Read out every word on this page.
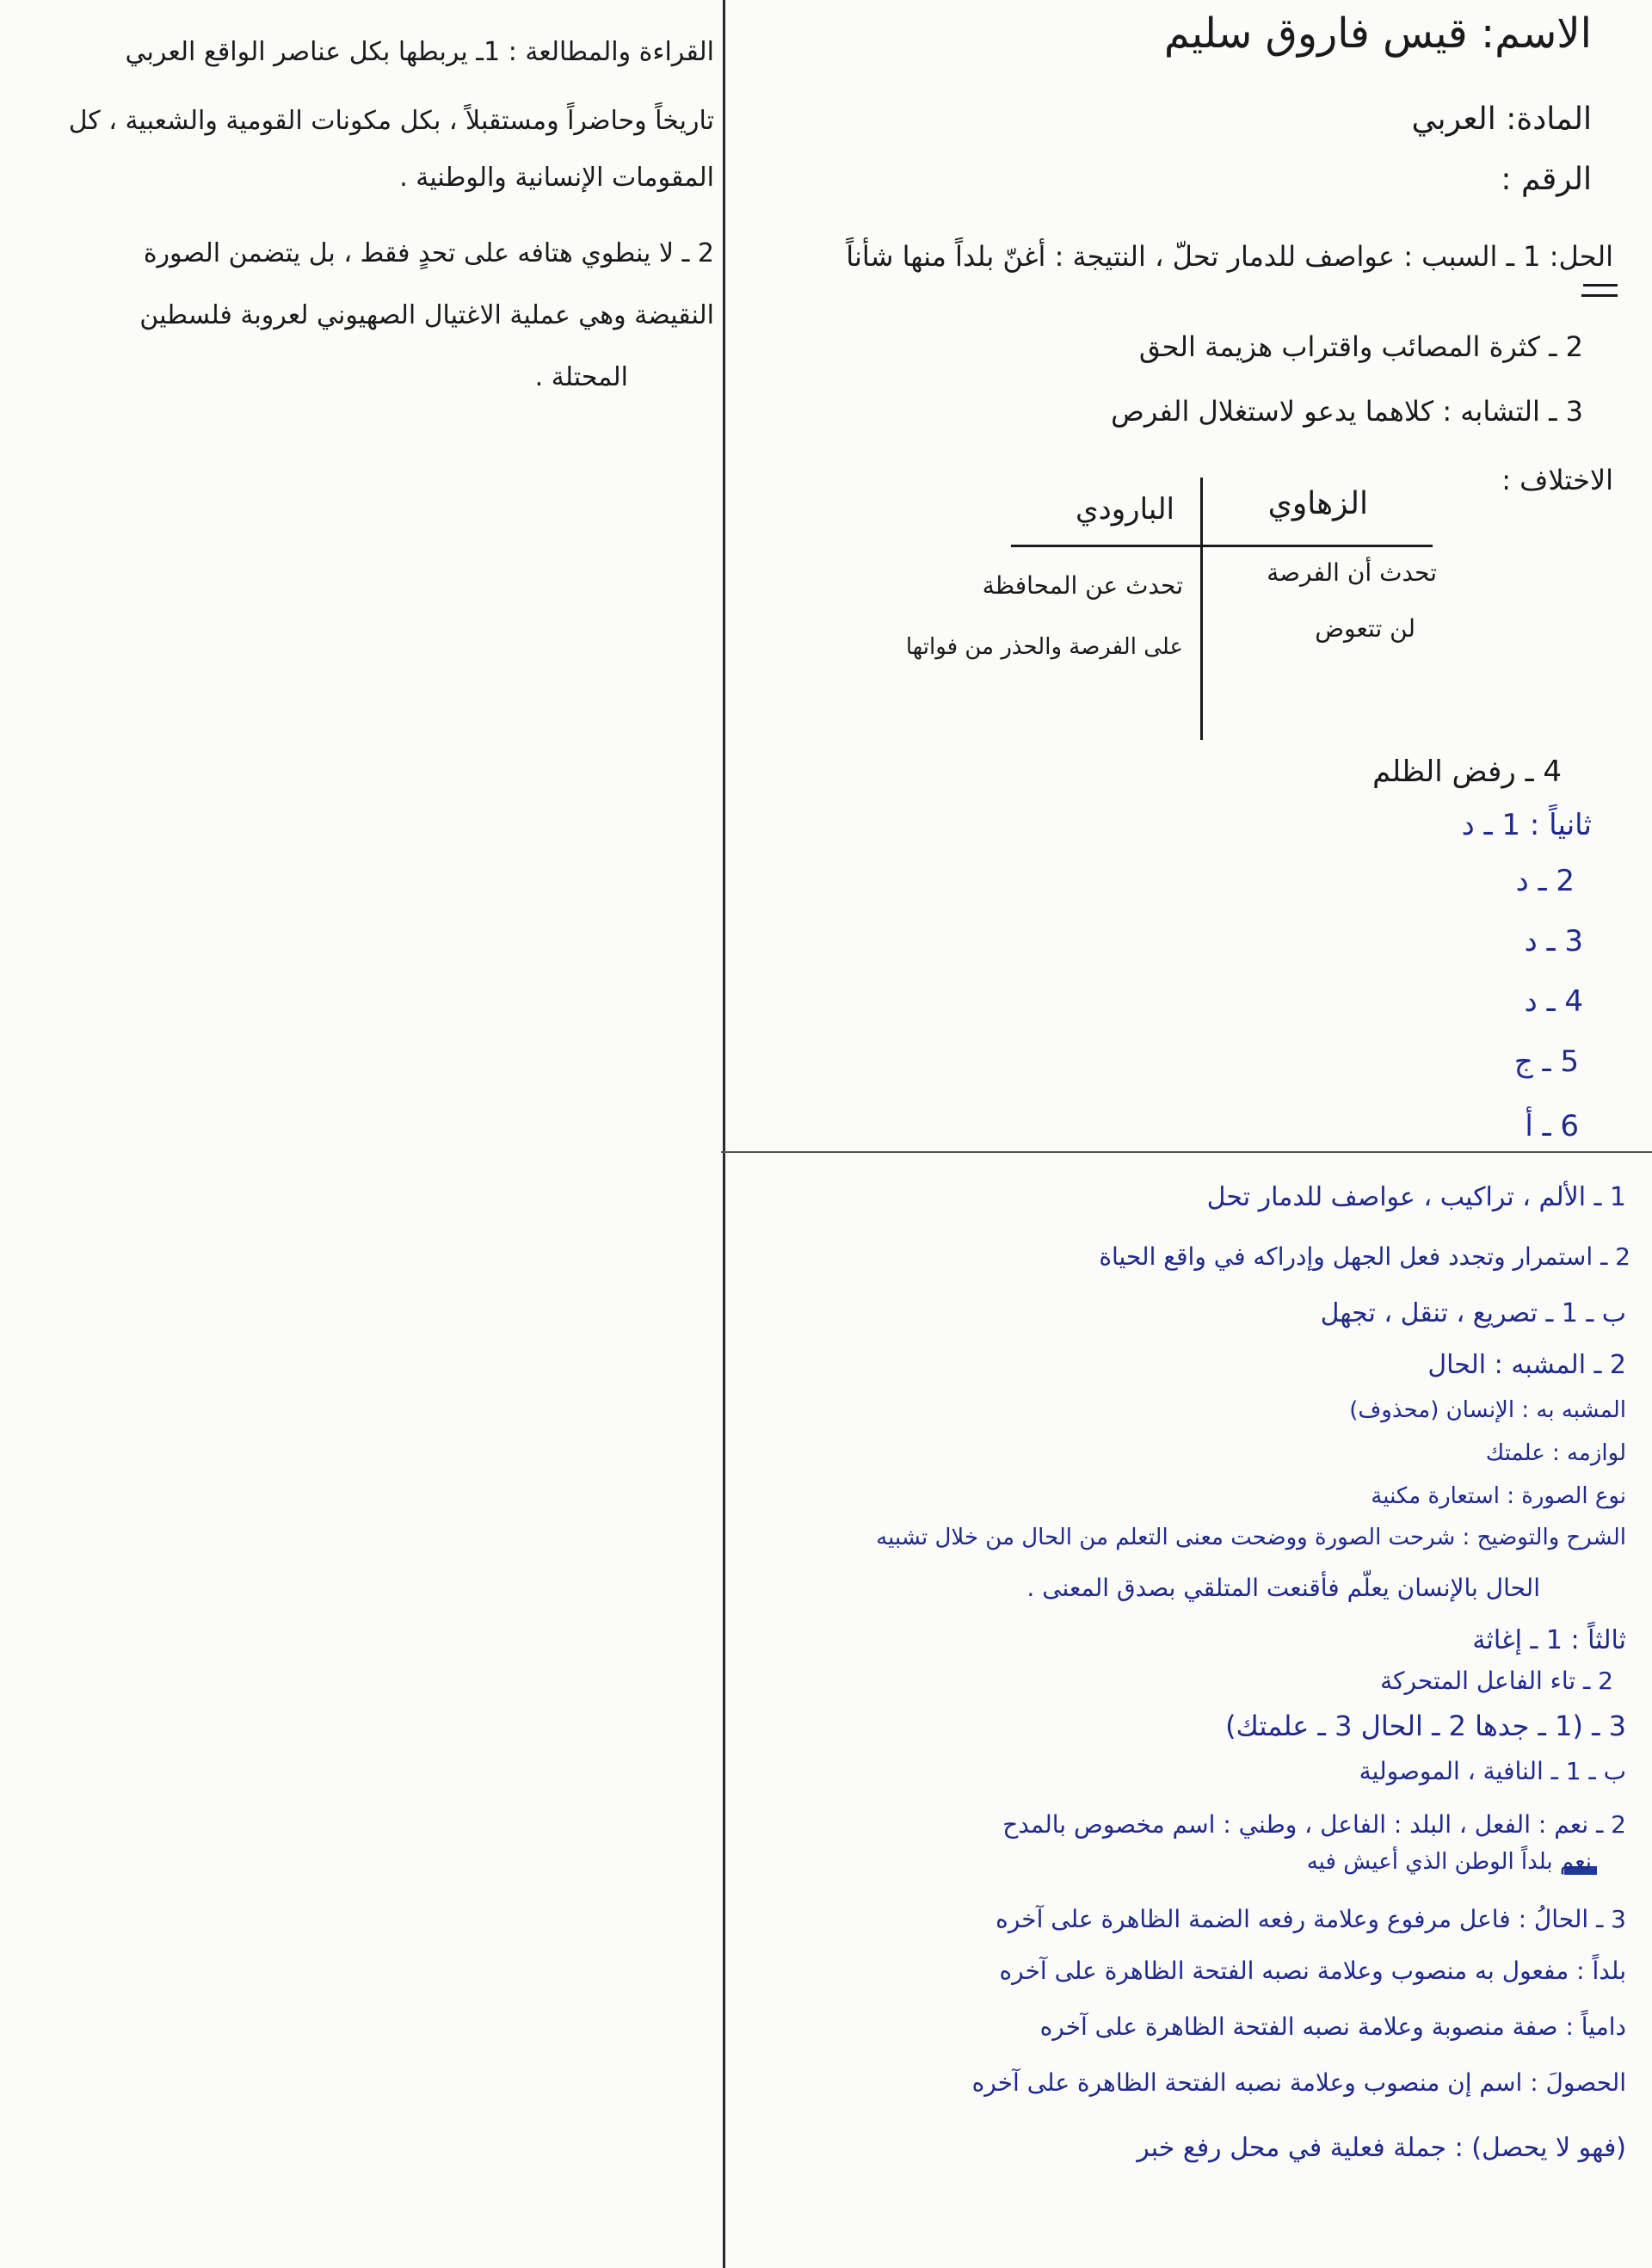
الاسم: قيس فاروق سليم
المادة: العربي
الرقم :
القراءة والمطالعة : 1ـ يربطها بكل عناصر الواقع العربي
تاريخاً وحاضراً ومستقبلاً ، بكل مكونات القومية والشعبية ، كل
المقومات الإنسانية والوطنية .
2 ـ لا ينطوي هتافه على تحدٍ فقط ، بل يتضمن الصورة
النقيضة وهي عملية الاغتيال الصهيوني لعروبة فلسطين
المحتلة .
الحل: 1 ـ السبب : عواصف للدمار تحلّ ، النتيجة : أغنّ بلداً منها شأناً
2 ـ كثرة المصائب واقتراب هزيمة الحق
3 ـ التشابه : كلاهما يدعو لاستغلال الفرص
الاختلاف :
الزهاوي
البارودي
تحدث أن الفرصة
لن تتعوض
تحدث عن المحافظة
على الفرصة والحذر من فواتها
4 ـ رفض الظلم
ثانياً : 1 ـ د
2 ـ د
3 ـ د
4 ـ د
5 ـ ج
6 ـ أ
1 ـ الألم ، تراكيب ، عواصف للدمار تحل
2 ـ استمرار وتجدد فعل الجهل وإدراكه في واقع الحياة
ب ـ 1 ـ تصريع ، تنقل ، تجهل
2 ـ المشبه : الحال
المشبه به : الإنسان (محذوف)
لوازمه : علمتك
نوع الصورة : استعارة مكنية
الشرح والتوضيح : شرحت الصورة ووضحت معنى التعلم من الحال من خلال تشبيه
الحال بالإنسان يعلّم فأقنعت المتلقي بصدق المعنى .
ثالثاً : 1 ـ إغاثة
2 ـ تاء الفاعل المتحركة
3 ـ (1 ـ جدها 2 ـ الحال 3 ـ علمتك)
ب ـ 1 ـ النافية ، الموصولية
2 ـ نعم : الفعل ، البلد : الفاعل ، وطني : اسم مخصوص بالمدح
نعم بلداً الوطن الذي أعيش فيه
3 ـ الحالُ : فاعل مرفوع وعلامة رفعه الضمة الظاهرة على آخره
بلداً : مفعول به منصوب وعلامة نصبه الفتحة الظاهرة على آخره
دامياً : صفة منصوبة وعلامة نصبه الفتحة الظاهرة على آخره
الحصولَ : اسم إن منصوب وعلامة نصبه الفتحة الظاهرة على آخره
(فهو لا يحصل) : جملة فعلية في محل رفع خبر
